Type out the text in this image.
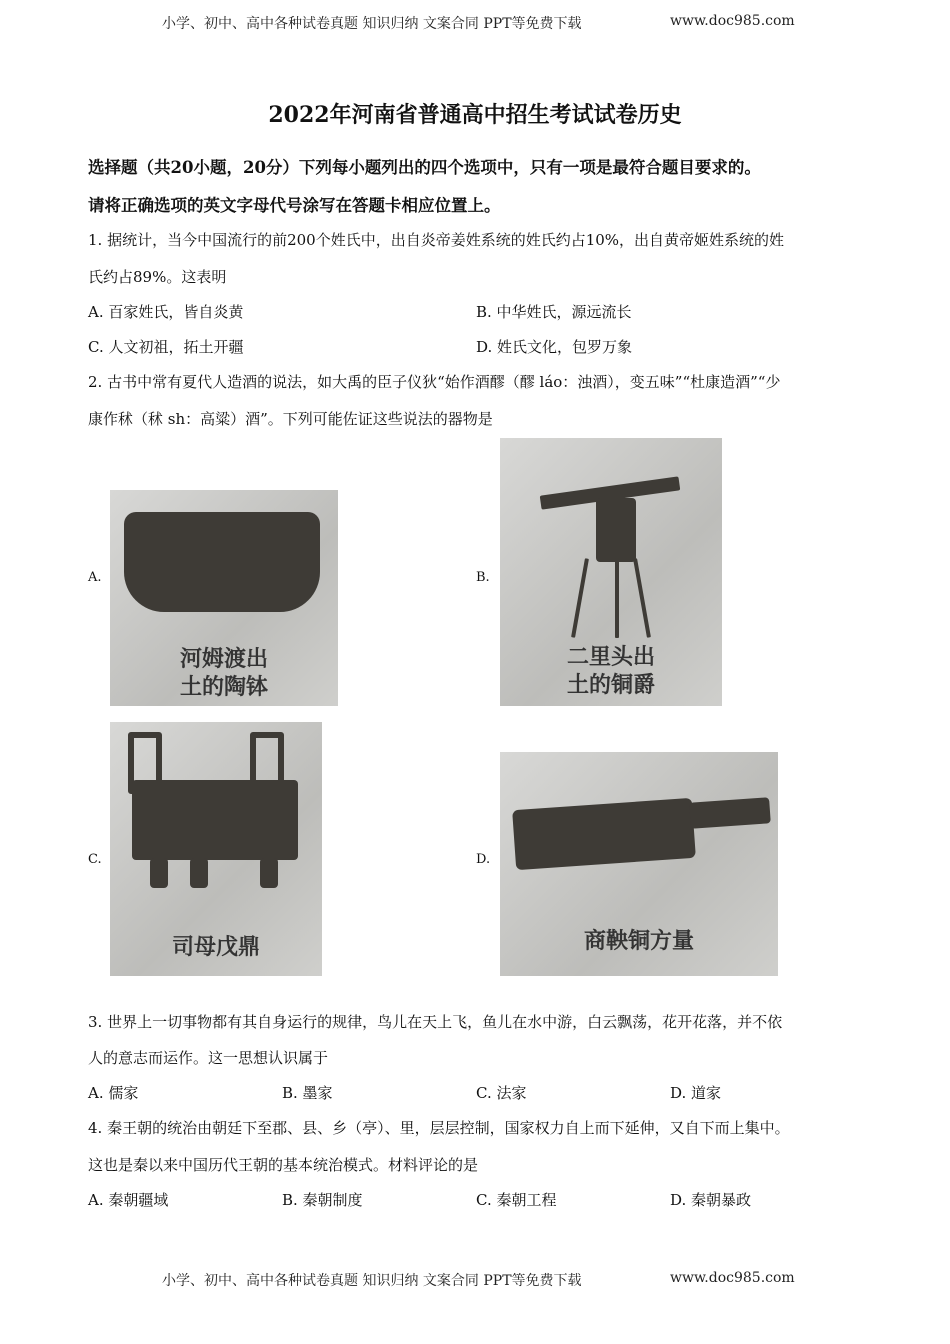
小学、初中、高中各种试卷真题 知识归纳 文案合同 PPT等免费下载	www.doc985.com
2022年河南省普通高中招生考试试卷历史
选择题（共20小题，20分）下列每小题列出的四个选项中，只有一项是最符合题目要求的。
请将正确选项的英文字母代号涂写在答题卡相应位置上。
1. 据统计，当今中国流行的前200个姓氏中，出自炎帝姜姓系统的姓氏约占10%，出自黄帝姬姓系统的姓
氏约占89%。这表明
A. 百家姓氏，皆自炎黄	B. 中华姓氏，源远流长
C. 人文初祖，拓土开疆	D. 姓氏文化，包罗万象
2. 古书中常有夏代人造酒的说法，如大禹的臣子仪狄“始作酒醪（醪 láo：浊酒），变五味”“杜康造酒”“少
康作秫（秫 sh：高粱）酒”。下列可能佐证这些说法的器物是
A.
河姆渡出
土的陶钵
B.
二里头出
土的铜爵
C.
司母戊鼎
D.
商鞅铜方量
3. 世界上一切事物都有其自身运行的规律，鸟儿在天上飞，鱼儿在水中游，白云飘荡，花开花落，并不依
人的意志而运作。这一思想认识属于
A. 儒家	B. 墨家	C. 法家	D. 道家
4. 秦王朝的统治由朝廷下至郡、县、乡（亭）、里，层层控制，国家权力自上而下延伸，又自下而上集中。
这也是秦以来中国历代王朝的基本统治模式。材料评论的是
A. 秦朝疆域	B. 秦朝制度	C. 秦朝工程	D. 秦朝暴政
小学、初中、高中各种试卷真题 知识归纳 文案合同 PPT等免费下载	www.doc985.com
